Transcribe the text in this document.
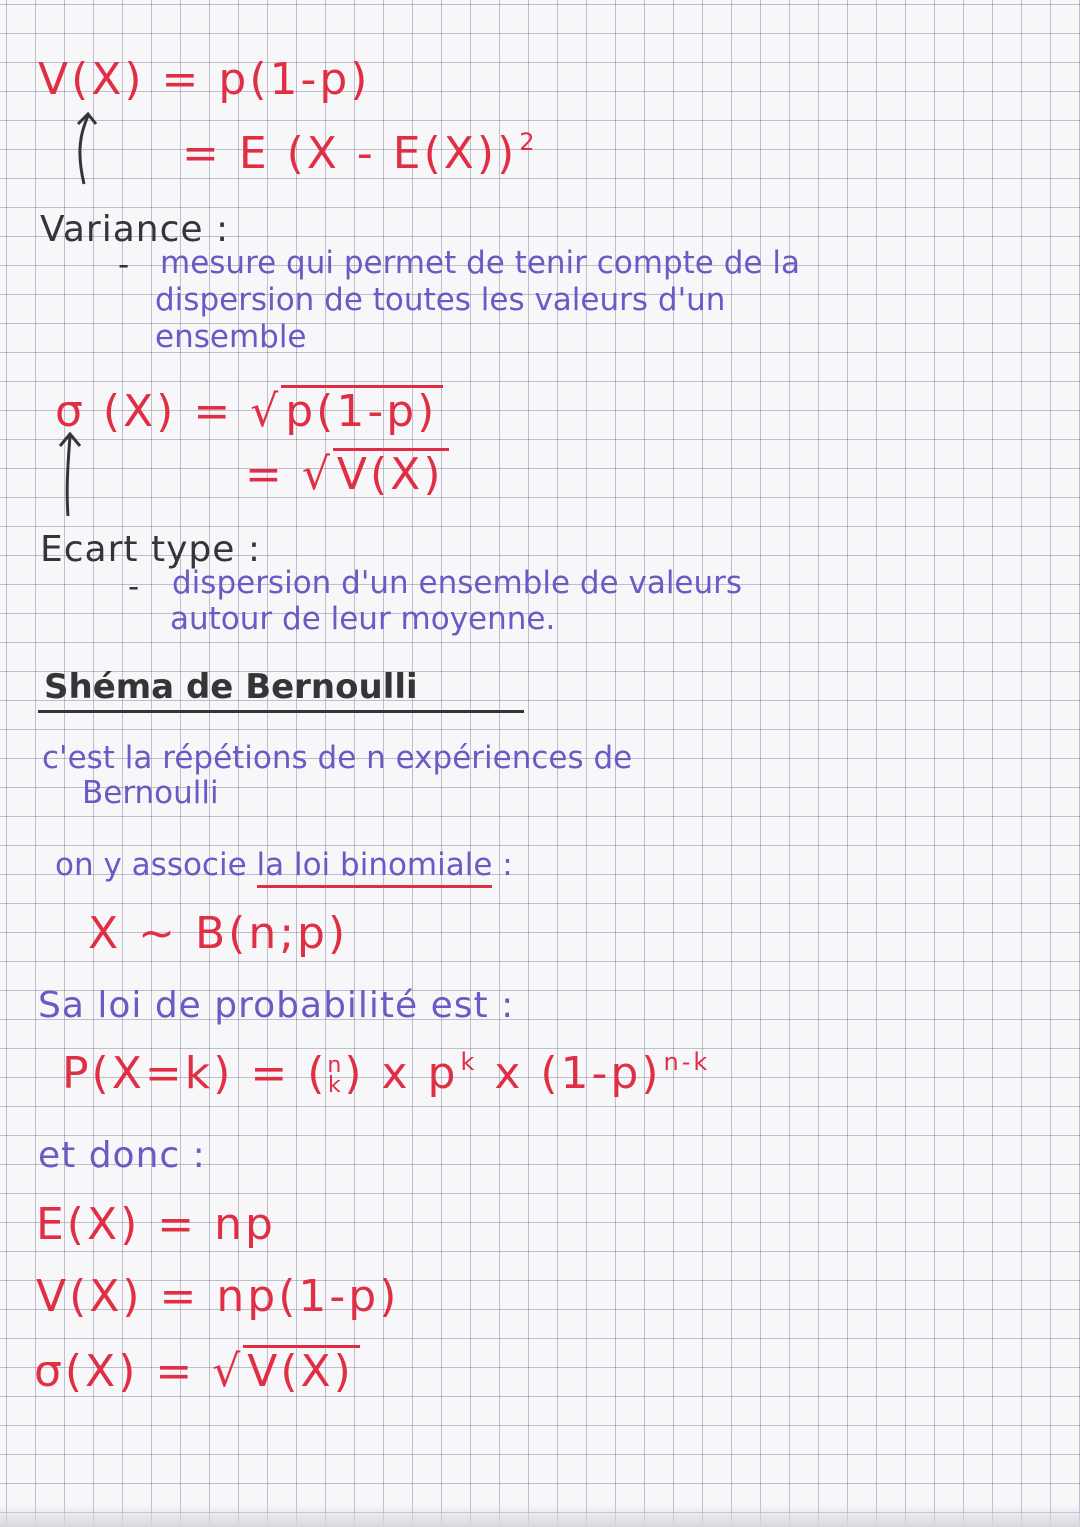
V(X) = p(1-p)
= E (X - E(X))$^2$
Variance :
- mesure qui permet de tenir compte de la
dispersion de toutes les valeurs d'un
ensemble
σ (X) = √p(1-p)
= √V(X)
Ecart type :
- dispersion d'un ensemble de valeurs
autour de leur moyenne.
Shéma de Bernoulli
c'est la répétions de n expériences de
Bernoulli
on y associe la loi binomiale :
X ~ B(n;p)
Sa loi de probabilité est :
P(X=k) = ( n
k ) x $p^k$ x $(1-p)^{n-k}$
et donc :
E(X) = np
V(X) = np(1-p)
σ(X) = √V(X)
